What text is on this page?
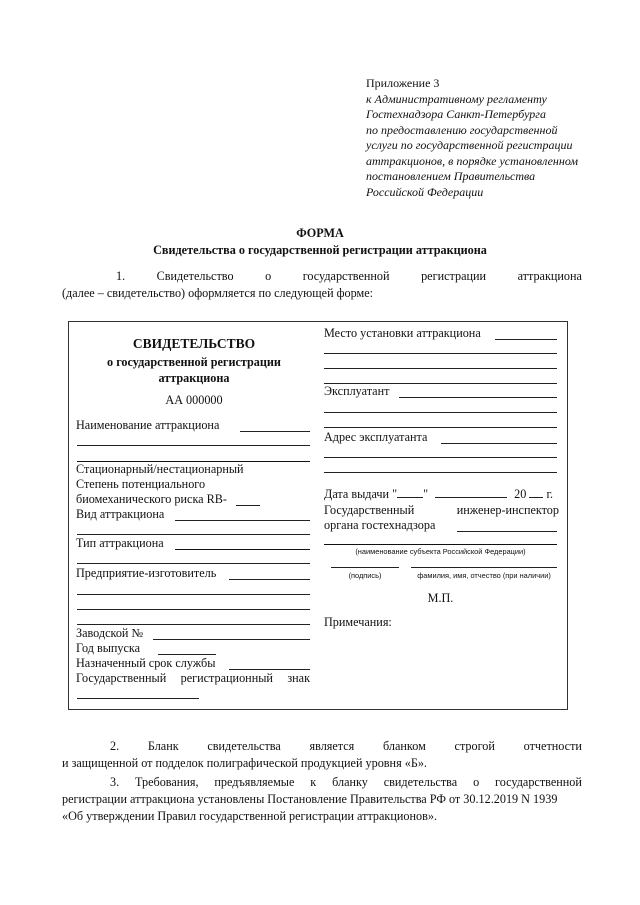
Приложение 3
к Административному регламенту
Гостехнадзора Санкт-Петербурга
по предоставлению государственной
услуги по государственной регистрации
аттракционов, в порядке установленном
постановлением Правительства
Российской Федерации
ФОРМА
Свидетельства о государственной регистрации аттракциона
1.	Свидетельство	о	государственной	регистрации	аттракциона
(далее – свидетельство) оформляется по следующей форме:
СВИДЕТЕЛЬСТВО
о государственной регистрации
аттракциона
АА 000000
Наименование аттракциона
Стационарный/нестационарный
Степень потенциального
биомеханического риска RB-
Вид аттракциона
Тип аттракциона
Предприятие-изготовитель
Заводской №
Год выпуска
Назначенный срок службы
Государственный регистрационный знак
Место установки аттракциона
Эксплуатант
Адрес эксплуатанта
Дата выдачи " "	20 г.
Государственный	инженер-инспектор
органа гостехнадзора
(наименование субъекта Российской Федерации)
(подпись)	фамилия, имя, отчество (при наличии)
М.П.
Примечания:
2. Бланк свидетельства является бланком строгой отчетности
и защищенной от подделок полиграфической продукцией уровня «Б».
3. Требования, предъявляемые к бланку свидетельства о государственной
регистрации аттракциона установлены Постановление Правительства РФ от 30.12.2019 N 1939
«Об утверждении Правил государственной регистрации аттракционов».
